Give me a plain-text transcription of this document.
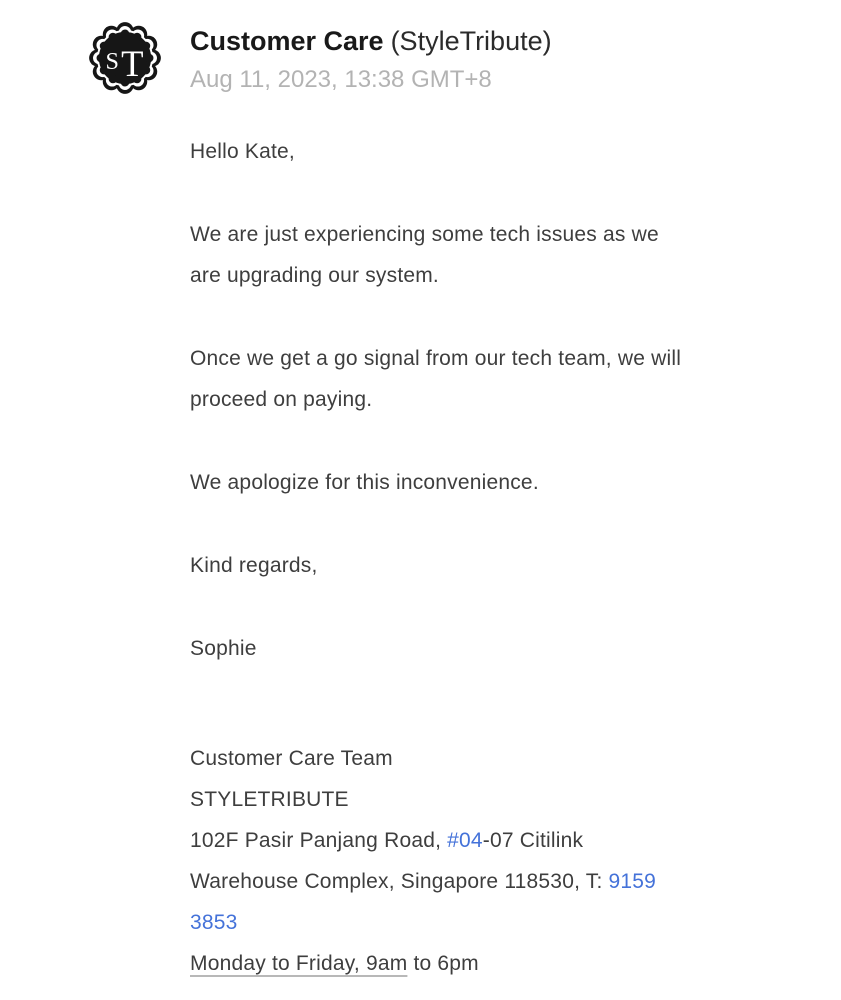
S T
Customer Care (StyleTribute)
Aug 11, 2023, 13:38 GMT+8

Hello Kate,

We are just experiencing some tech issues as we
are upgrading our system.

Once we get a go signal from our tech team, we will
proceed on paying.

We apologize for this inconvenience.

Kind regards,

Sophie

Customer Care Team
STYLETRIBUTE
102F Pasir Panjang Road, #04-07 Citilink
Warehouse Complex, Singapore 118530, T: 9159
3853
Monday to Friday, 9am to 6pm
